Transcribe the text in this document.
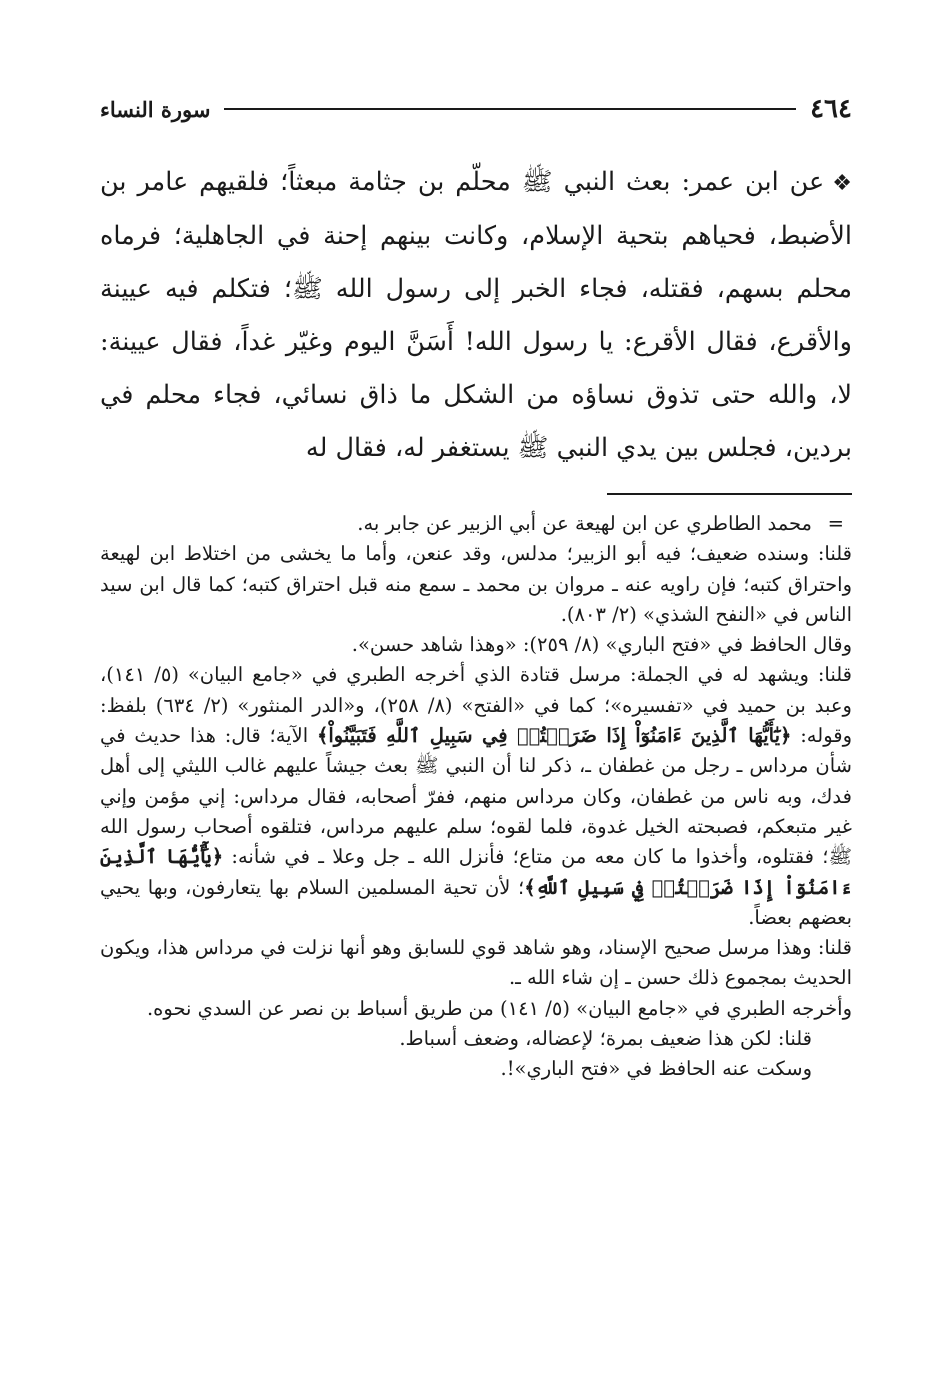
٤٦٤
سورة النساء
❖عن ابن عمر: بعث النبي ﷺ محلّم بن جثامة مبعثاً؛ فلقيهم عامر بن الأضبط، فحياهم بتحية الإسلام، وكانت بينهم إحنة في الجاهلية؛ فرماه محلم بسهم، فقتله، فجاء الخبر إلى رسول الله ﷺ؛ فتكلم فيه عيينة والأقرع، فقال الأقرع: يا رسول الله! أَسَنَّ اليوم وغيّر غداً، فقال عيينة: لا، والله حتى تذوق نساؤه من الشكل ما ذاق نسائي، فجاء محلم في بردين، فجلس بين يدي النبي ﷺ يستغفر له، فقال له

=
محمد الطاطري عن ابن لهيعة عن أبي الزبير عن جابر به.

قلنا: وسنده ضعيف؛ فيه أبو الزبير؛ مدلس، وقد عنعن، وأما ما يخشى من اختلاط ابن لهيعة واحتراق كتبه؛ فإن راويه عنه ـ مروان بن محمد ـ سمع منه قبل احتراق كتبه؛ كما قال ابن سيد الناس في «النفح الشذي» (٢/ ٨٠٣).

وقال الحافظ في «فتح الباري» (٨/ ٢٥٩): «وهذا شاهد حسن».

قلنا: ويشهد له في الجملة: مرسل قتادة الذي أخرجه الطبري في «جامع البيان» (٥/ ١٤١)، وعبد بن حميد في «تفسيره»؛ كما في «الفتح» (٨/ ٢٥٨)، و«الدر المنثور» (٢/ ٦٣٤) بلفظ: وقوله: ﴿يَٰٓأَيُّهَا ٱلَّذِينَ ءَامَنُوٓاْ إِذَا ضَرَبۡتُمۡ فِي سَبِيلِ ٱللَّهِ فَتَبَيَّنُواْ﴾ الآية؛ قال: هذا حديث في شأن مرداس ـ رجل من غطفان ـ، ذكر لنا أن النبي ﷺ بعث جيشاً عليهم غالب الليثي إلى أهل فدك، وبه ناس من غطفان، وكان مرداس منهم، ففرّ أصحابه، فقال مرداس: إني مؤمن وإني غير متبعكم، فصبحته الخيل غدوة، فلما لقوه؛ سلم عليهم مرداس، فتلقوه أصحاب رسول الله ﷺ؛ فقتلوه، وأخذوا ما كان معه من متاع؛ فأنزل الله ـ جل وعلا ـ في شأنه: ﴿يَٰٓأَيُّهَا ٱلَّذِينَ ءَامَنُوٓاْ إِذَا ضَرَبۡتُمۡ فِي سَبِيلِ ٱللَّهِ﴾؛ لأن تحية المسلمين السلام بها يتعارفون، وبها يحيي بعضهم بعضاً.

قلنا: وهذا مرسل صحيح الإسناد، وهو شاهد قوي للسابق وهو أنها نزلت في مرداس هذا، ويكون الحديث بمجموع ذلك حسن ـ إن شاء الله ـ.

وأخرجه الطبري في «جامع البيان» (٥/ ١٤١) من طريق أسباط بن نصر عن السدي نحوه.

قلنا: لكن هذا ضعيف بمرة؛ لإعضاله، وضعف أسباط.

وسكت عنه الحافظ في «فتح الباري»!.
